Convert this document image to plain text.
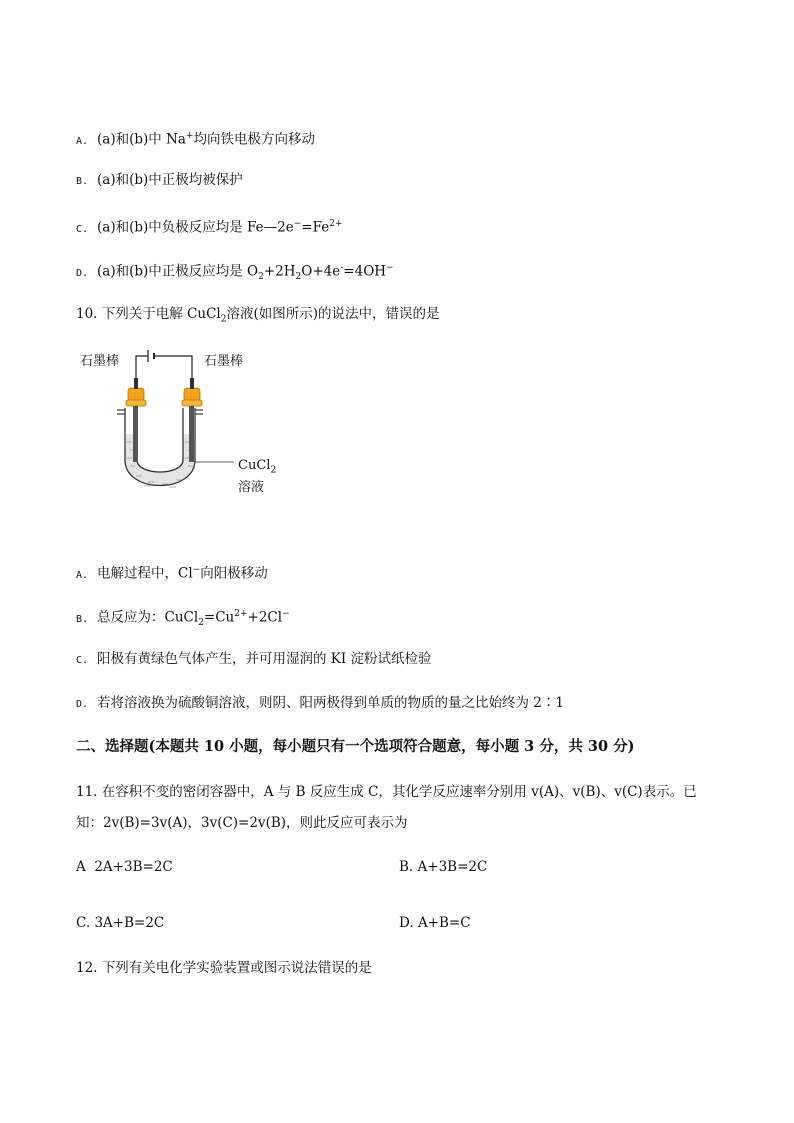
A. (a)和(b)中 Na+均向铁电极方向移动
B. (a)和(b)中正极均被保护
C. (a)和(b)中负极反应均是 $Fe—2e^-=Fe^{2+}$
D. (a)和(b)中正极反应均是 $O_2+2H_2O+4e^-=4OH^-$
10. 下列关于电解 CuCl$_2$溶液(如图所示)的说法中，错误的是
石墨棒	石墨棒
CuCl$_2$
溶液
A. 电解过程中，Cl−向阳极移动
B. 总反应为：$CuCl_2=Cu^{2+}+2Cl^-$
C. 阳极有黄绿色气体产生，并可用湿润的 KI 淀粉试纸检验
D. 若将溶液换为硫酸铜溶液，则阴、阳两极得到单质的物质的量之比始终为 2∶1
二、选择题(本题共 10 小题，每小题只有一个选项符合题意，每小题 3 分，共 30 分)
11. 在容积不变的密闭容器中，A 与 B 反应生成 C，其化学反应速率分别用 v(A)、v(B)、v(C)表示。已
知：2v(B)=3v(A)，3v(C)=2v(B)，则此反应可表示为
A 2A+3B=2C	B. A+3B=2C
C. 3A+B=2C	D. A+B=C
12. 下列有关电化学实验装置或图示说法错误的是
